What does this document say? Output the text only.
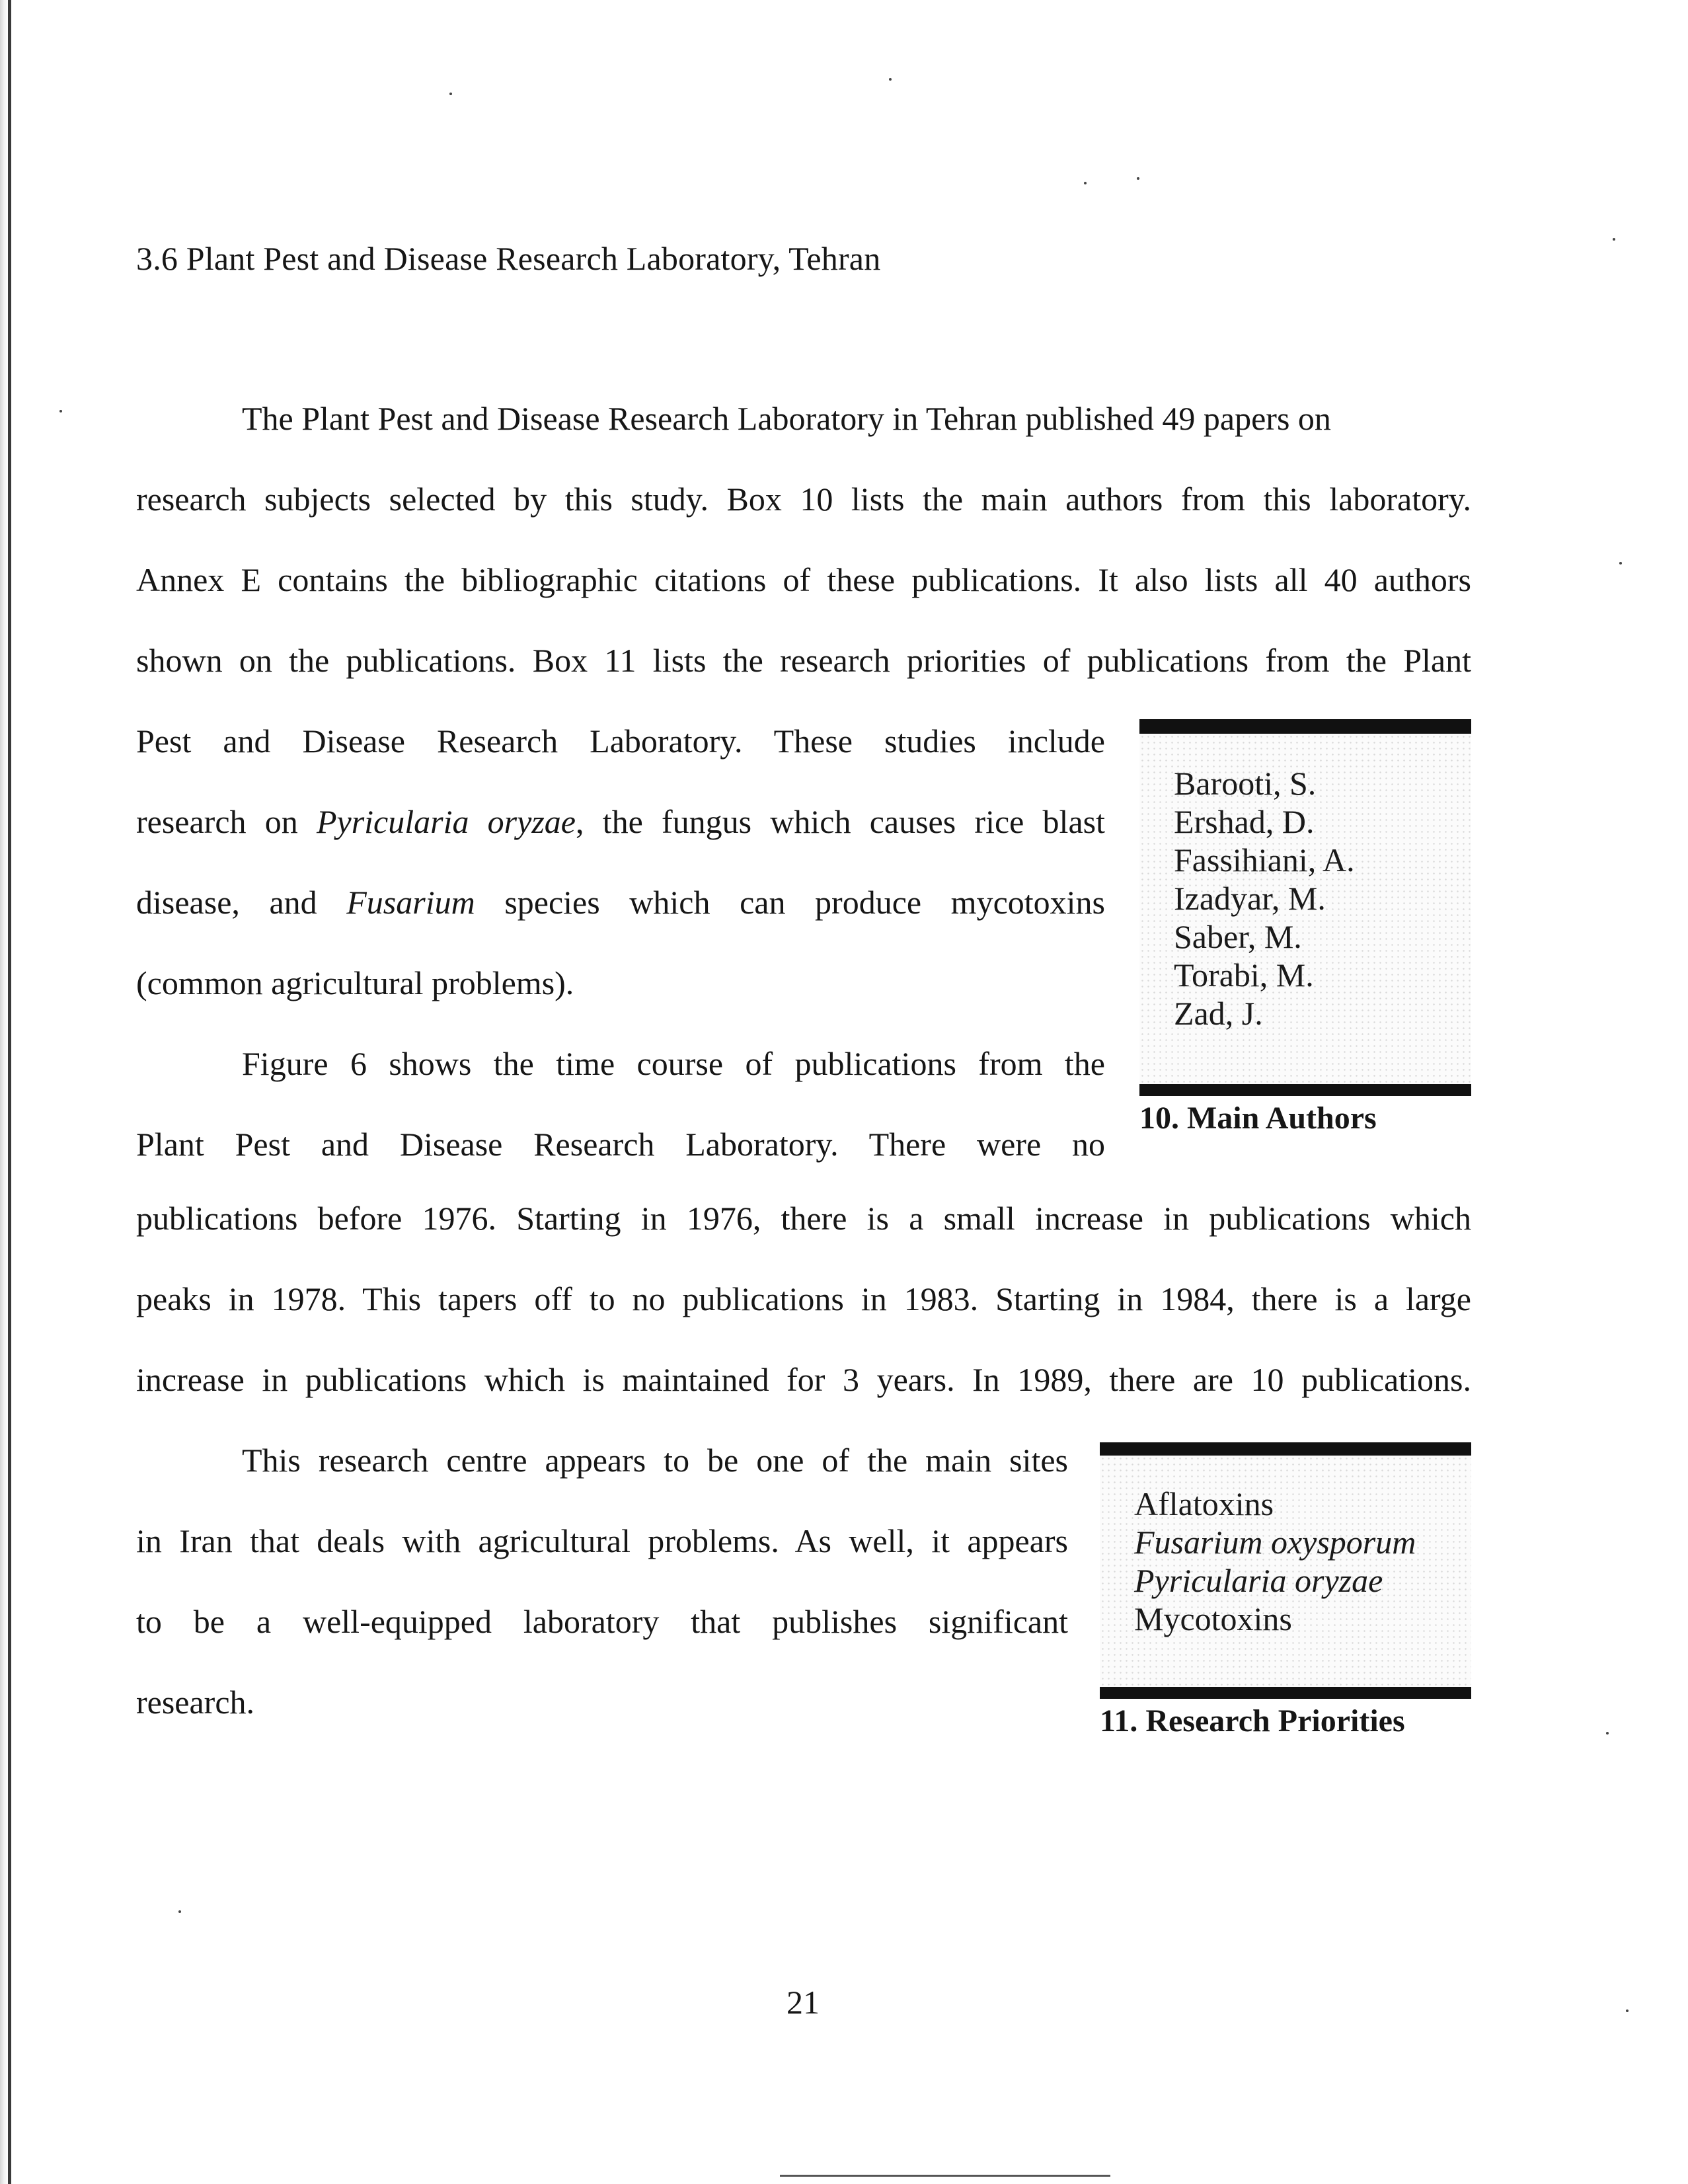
3.6 Plant Pest and Disease Research Laboratory, Tehran
The Plant Pest and Disease Research Laboratory in Tehran published 49 papers on
research subjects selected by this study. Box 10 lists the main authors from this laboratory.
Annex E contains the bibliographic citations of these publications. It also lists all 40 authors
shown on the publications. Box 11 lists the research priorities of publications from the Plant
Pest and Disease Research Laboratory. These studies include
research on Pyricularia oryzae, the fungus which causes rice blast
disease, and Fusarium species which can produce mycotoxins
(common agricultural problems).
Figure 6 shows the time course of publications from the
Plant Pest and Disease Research Laboratory. There were no
publications before 1976. Starting in 1976, there is a small increase in publications which
peaks in 1978. This tapers off to no publications in 1983. Starting in 1984, there is a large
increase in publications which is maintained for 3 years. In 1989, there are 10 publications.
This research centre appears to be one of the main sites
in Iran that deals with agricultural problems. As well, it appears
to be a well-equipped laboratory that publishes significant
research.
Barooti, S.
Ershad, D.
Fassihiani, A.
Izadyar, M.
Saber, M.
Torabi, M.
Zad, J.
10. Main Authors
Aflatoxins
Fusarium oxysporum
Pyricularia oryzae
Mycotoxins
11. Research Priorities
21
